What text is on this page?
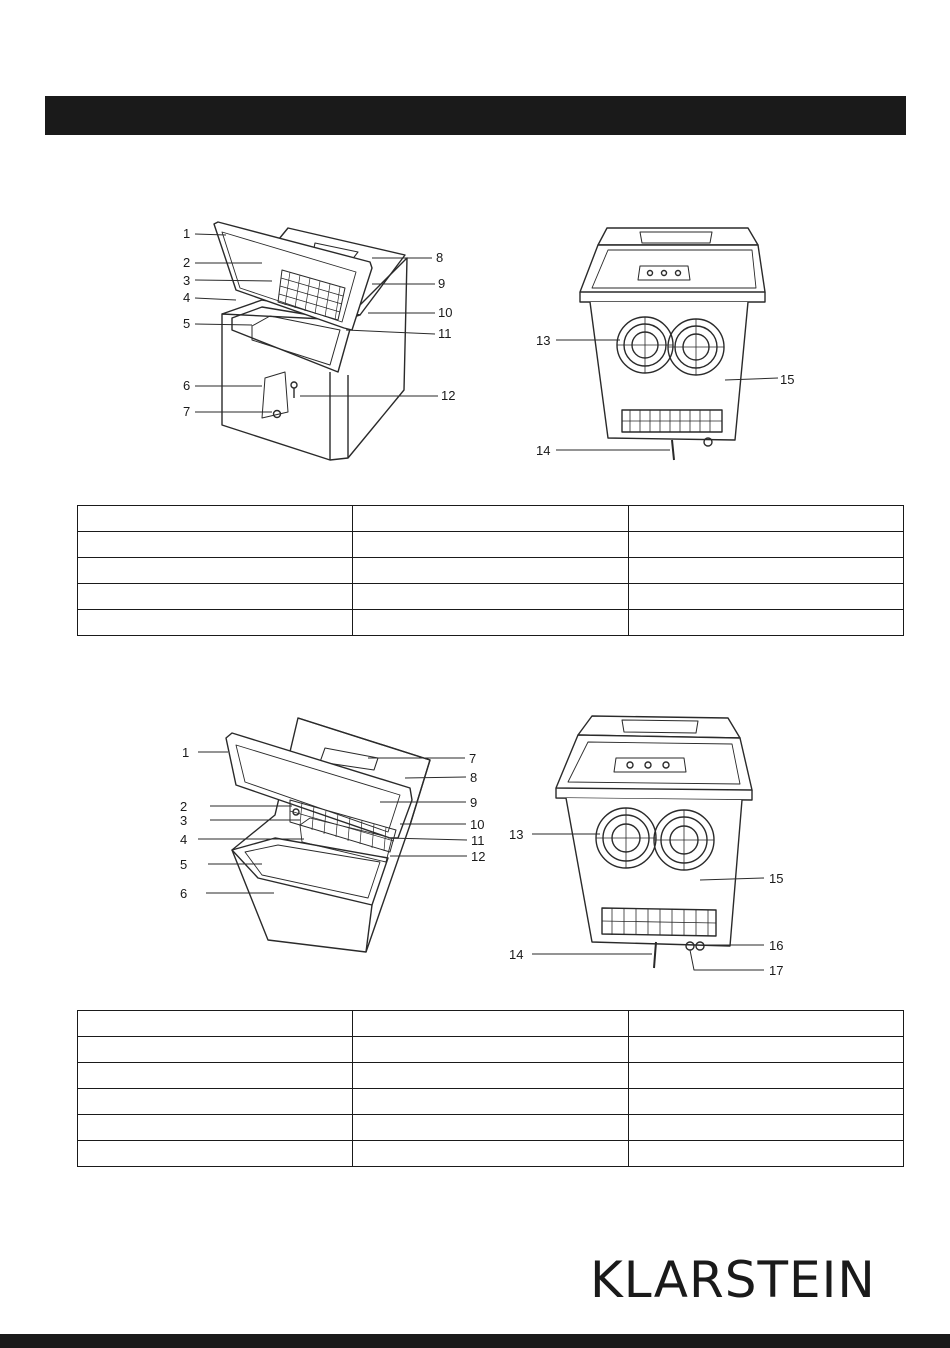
1
2
3
4
5
6
7
8
9
10
11
12
13
14
15

1
2
3
4
5
6
7
8
9
10
11
12
13
14
15
16
17

KLARSTEIN
